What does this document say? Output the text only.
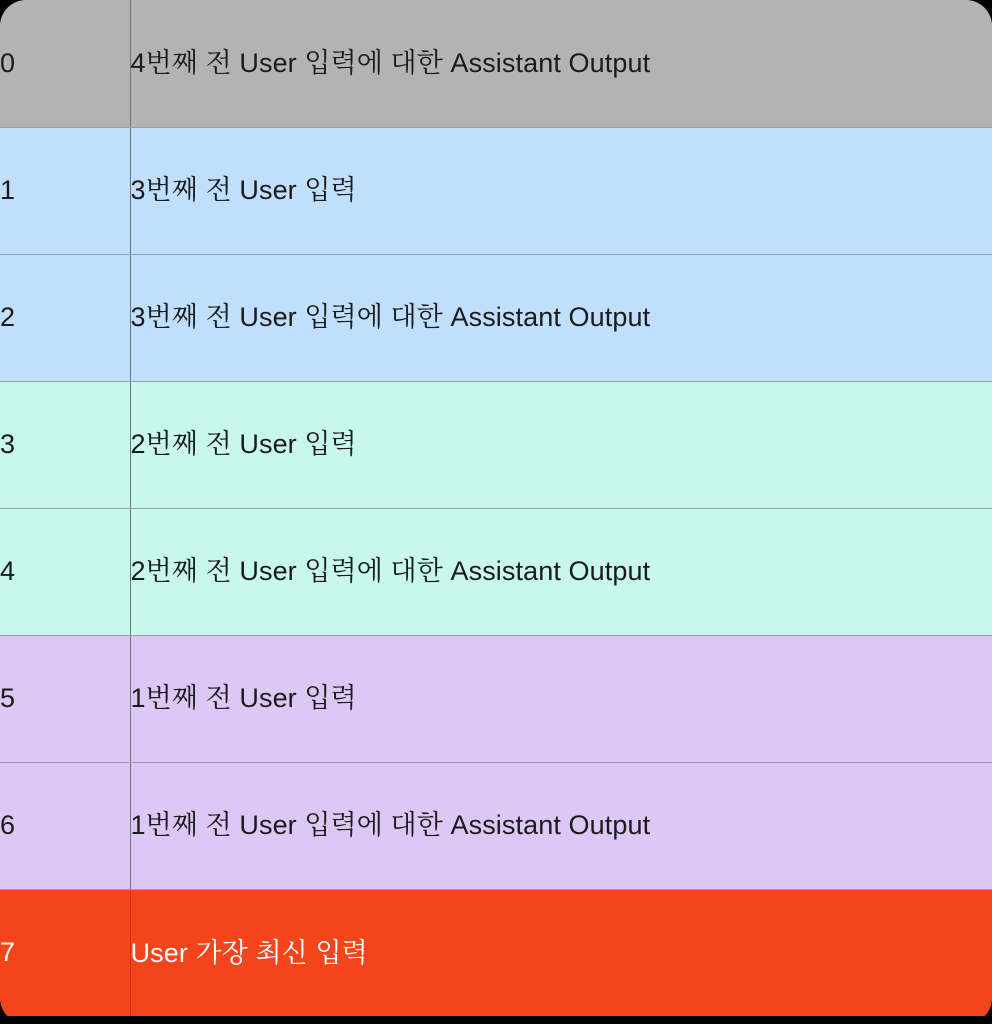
0	4번째 전 User 입력에 대한 Assistant Output
1	3번째 전 User 입력
2	3번째 전 User 입력에 대한 Assistant Output
3	2번째 전 User 입력
4	2번째 전 User 입력에 대한 Assistant Output
5	1번째 전 User 입력
6	1번째 전 User 입력에 대한 Assistant Output
7	User 가장 최신 입력
